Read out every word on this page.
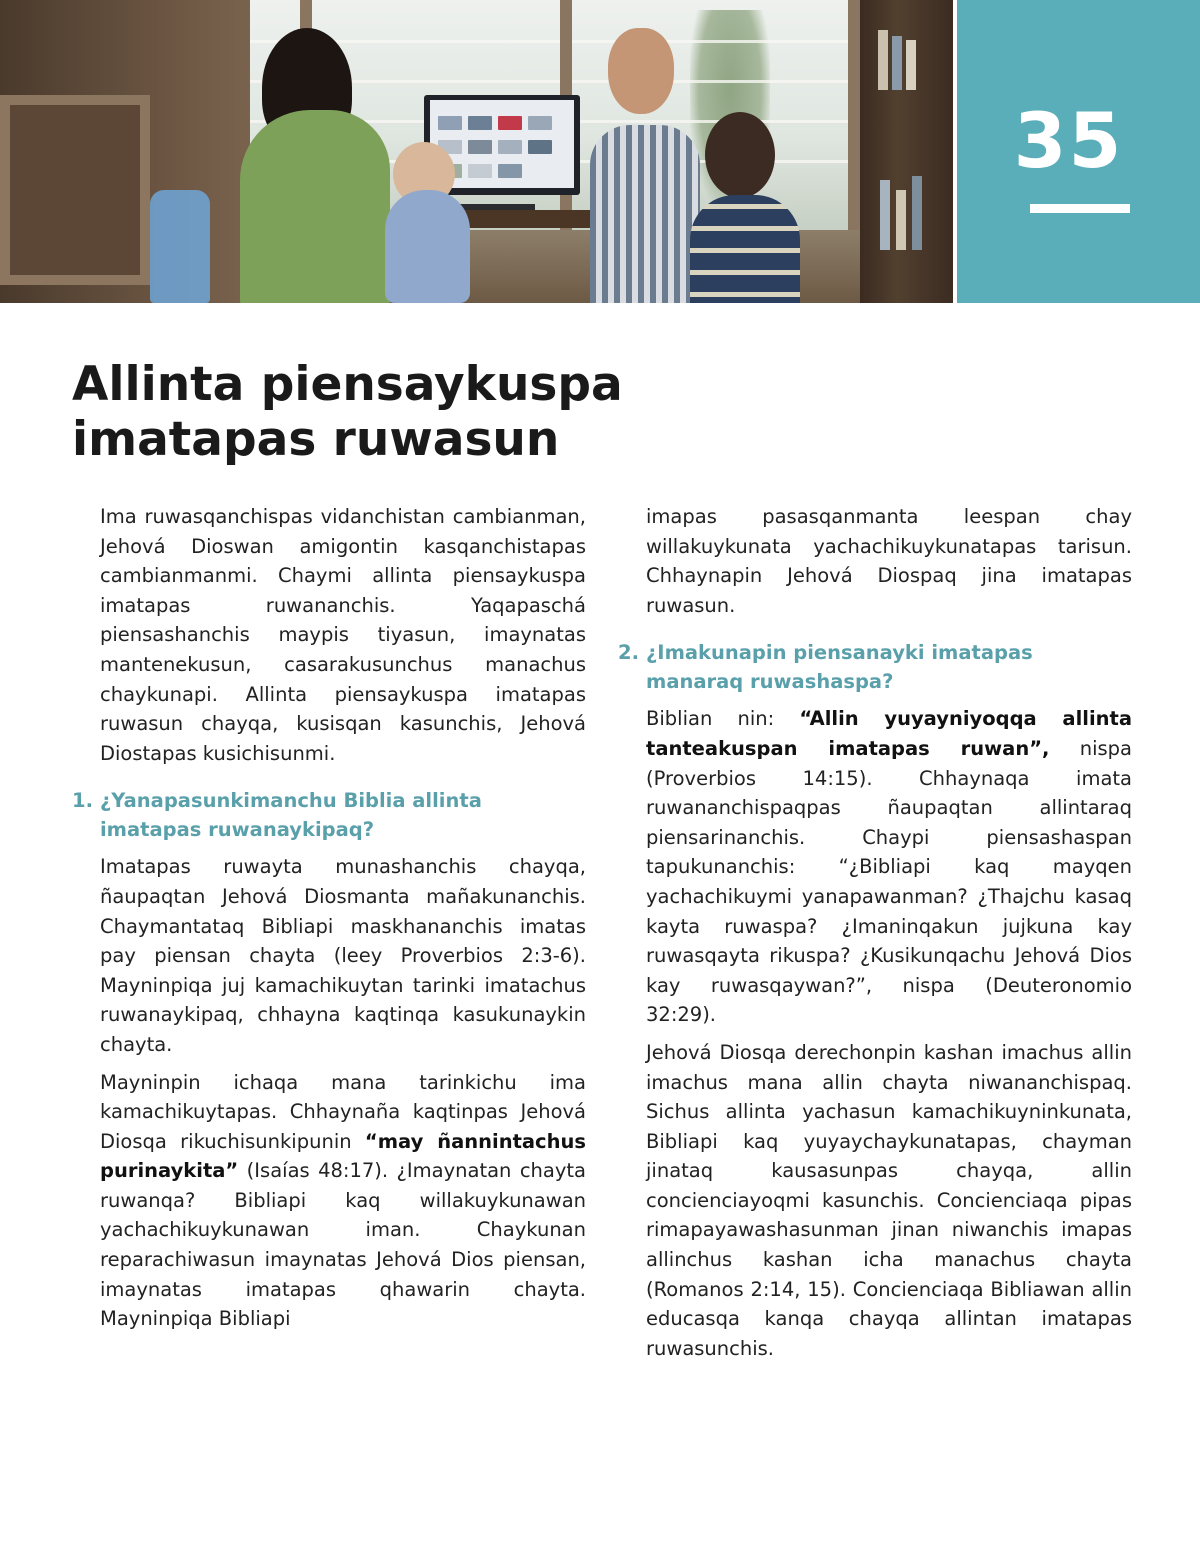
35
Allinta piensaykuspa
imatapas ruwasun

Ima ruwasqanchispas vidanchistan cambianman, Jehová Dioswan amigontin kasqanchistapas cambianmanmi. Chaymi allinta piensaykuspa imatapas ruwananchis. Yaqapaschá piensashanchis maypis tiyasun, imaynatas mantenekusun, casarakusunchus manachus chaykunapi. Allinta piensaykuspa imatapas ruwasun chayqa, kusisqan kasunchis, Jehová Diostapas kusichisunmi.

1. ¿Yanapasunkimanchu Biblia allinta imatapas ruwanaykipaq?

Imatapas ruwayta munashanchis chayqa, ñaupaqtan Jehová Diosmanta mañakunanchis. Chaymantataq Bibliapi maskhananchis imatas pay piensan chayta (leey Proverbios 2:3-6). Mayninpiqa juj kamachikuytan tarinki imatachus ruwanaykipaq, chhayna kaqtinqa kasukunaykin chayta.

Mayninpin ichaqa mana tarinkichu ima kamachikuytapas. Chhaynaña kaqtinpas Jehová Diosqa rikuchisunkipunin “may ñannintachus purinaykita” (Isaías 48:17). ¿Imaynatan chayta ruwanqa? Bibliapi kaq willakuykunawan yachachikuykunawan iman. Chaykunan reparachiwasun imaynatas Jehová Dios piensan, imaynatas imatapas qhawarin chayta. Mayninpiqa Bibliapi

imapas pasasqanmanta leespan chay willakuykunata yachachikuykunatapas tarisun. Chhaynapin Jehová Diospaq jina imatapas ruwasun.

2. ¿Imakunapin piensanayki imatapas manaraq ruwashaspa?

Biblian nin: “Allin yuyayniyoqqa allinta tanteakuspan imatapas ruwan”, nispa (Proverbios 14:15). Chhaynaqa imata ruwananchispaqpas ñaupaqtan allintaraq piensarinanchis. Chaypi piensashaspan tapukunanchis: “¿Bibliapi kaq mayqen yachachikuymi yanapawanman? ¿Thajchu kasaq kayta ruwaspa? ¿Imaninqakun jujkuna kay ruwasqayta rikuspa? ¿Kusikunqachu Jehová Dios kay ruwasqaywan?”, nispa (Deuteronomio 32:29).

Jehová Diosqa derechonpin kashan imachus allin imachus mana allin chayta niwananchispaq. Sichus allinta yachasun kamachikuyninkunata, Bibliapi kaq yuyaychaykunatapas, chayman jinataq kausasunpas chayqa, allin concienciayoqmi kasunchis. Concienciaqa pipas rimapayawashasunman jinan niwanchis imapas allinchus kashan icha manachus chayta (Romanos 2:14, 15). Concienciaqa Bibliawan allin educasqa kanqa chayqa allintan imatapas ruwasunchis.
